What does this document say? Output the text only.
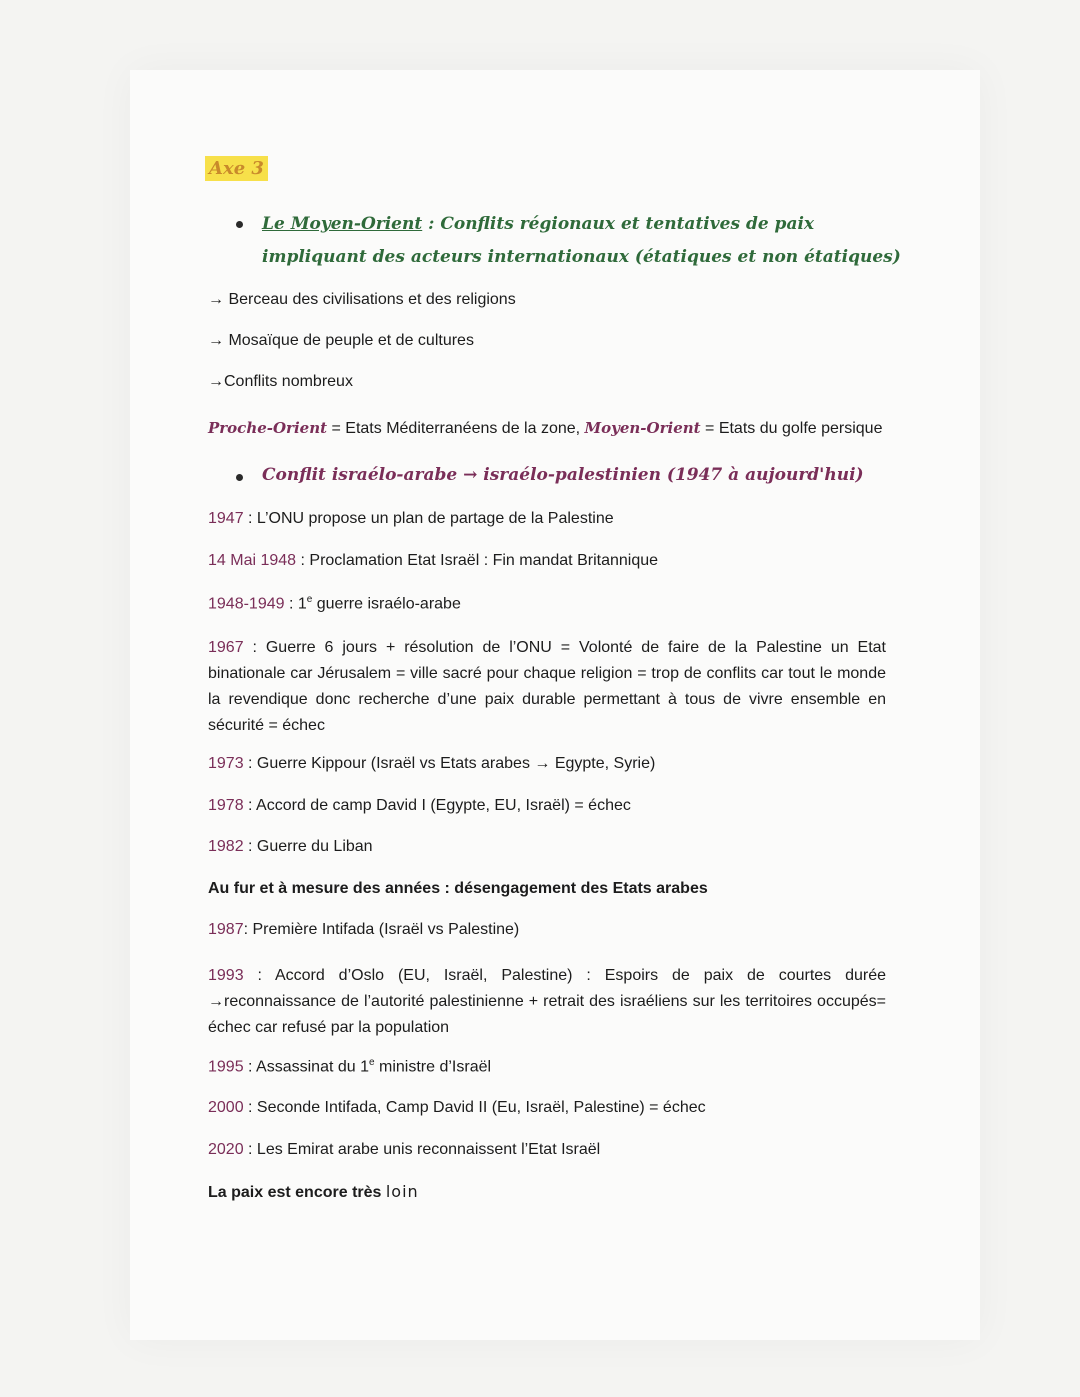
Axe 3
Le Moyen-Orient : Conflits régionaux et tentatives de paix impliquant des acteurs internationaux (étatiques et non étatiques)
→ Berceau des civilisations et des religions
→ Mosaïque de peuple et de cultures
→Conflits nombreux
Proche-Orient = Etats Méditerranéens de la zone, Moyen-Orient = Etats du golfe persique
Conflit israélo-arabe → israélo-palestinien (1947 à aujourd'hui)
1947 : L’ONU propose un plan de partage de la Palestine
14 Mai 1948 : Proclamation Etat Israël : Fin mandat Britannique
1948-1949 : 1e guerre israélo-arabe
1967 : Guerre 6 jours + résolution de l’ONU = Volonté de faire de la Palestine un Etat binationale car Jérusalem = ville sacré pour chaque religion = trop de conflits car tout le monde la revendique donc recherche d’une paix durable permettant à tous de vivre ensemble en sécurité = échec
1973 : Guerre Kippour (Israël vs Etats arabes → Egypte, Syrie)
1978 : Accord de camp David I (Egypte, EU, Israël) = échec
1982 : Guerre du Liban
Au fur et à mesure des années : désengagement des Etats arabes
1987: Première Intifada (Israël vs Palestine)
1993 : Accord d’Oslo (EU, Israël, Palestine) : Espoirs de paix de courtes durée →reconnaissance de l’autorité palestinienne + retrait des israéliens sur les territoires occupés= échec car refusé par la population
1995 : Assassinat du 1e ministre d’Israël
2000 : Seconde Intifada, Camp David II (Eu, Israël, Palestine) = échec
2020 : Les Emirat arabe unis reconnaissent l’Etat Israël
La paix est encore très loin
